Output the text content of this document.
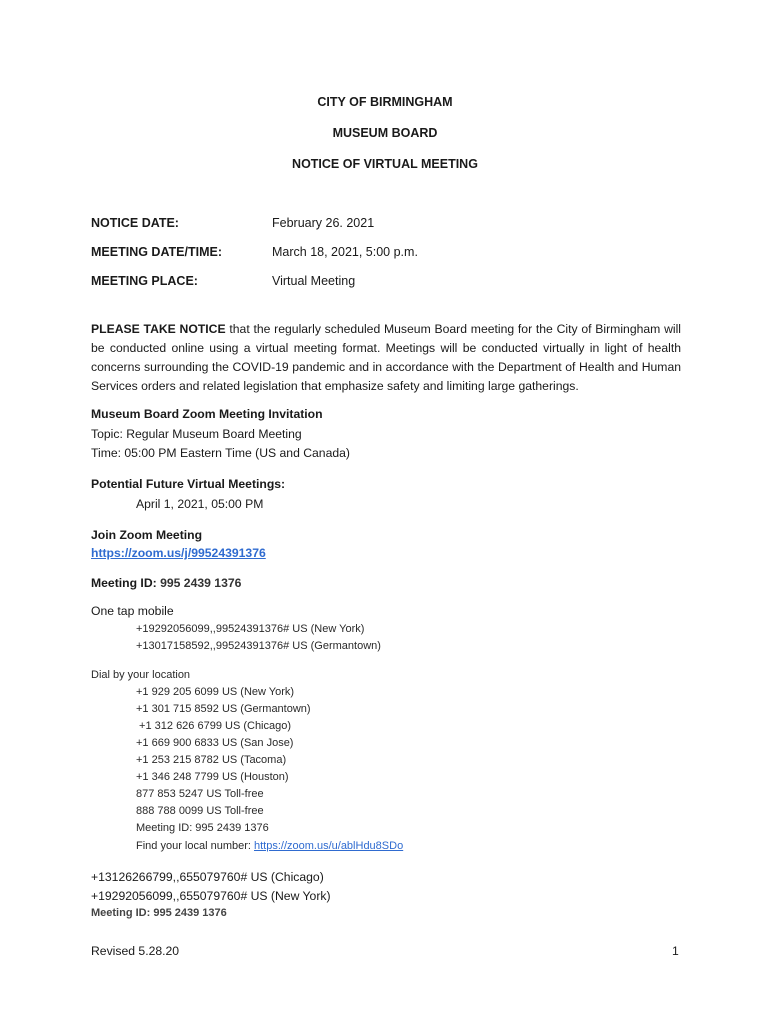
CITY OF BIRMINGHAM
MUSEUM BOARD
NOTICE OF VIRTUAL MEETING
NOTICE DATE:	February 26. 2021
MEETING DATE/TIME:	March 18, 2021, 5:00 p.m.
MEETING PLACE:	Virtual Meeting
PLEASE TAKE NOTICE that the regularly scheduled Museum Board meeting for the City of Birmingham will be conducted online using a virtual meeting format. Meetings will be conducted virtually in light of health concerns surrounding the COVID-19 pandemic and in accordance with the Department of Health and Human Services orders and related legislation that emphasize safety and limiting large gatherings.
Museum Board Zoom Meeting Invitation
Topic: Regular Museum Board Meeting
Time: 05:00 PM Eastern Time (US and Canada)
Potential Future Virtual Meetings:
April 1, 2021, 05:00 PM
Join Zoom Meeting
https://zoom.us/j/99524391376
Meeting ID: 995 2439 1376
One tap mobile
+19292056099,,99524391376# US (New York)
+13017158592,,99524391376# US (Germantown)
Dial by your location
+1 929 205 6099 US (New York)
+1 301 715 8592 US (Germantown)
+1 312 626 6799 US (Chicago)
+1 669 900 6833 US (San Jose)
+1 253 215 8782 US (Tacoma)
+1 346 248 7799 US (Houston)
877 853 5247 US Toll-free
888 788 0099 US Toll-free
Meeting ID: 995 2439 1376
Find your local number: https://zoom.us/u/ablHdu8SDo
+13126266799,,655079760# US (Chicago)
+19292056099,,655079760# US (New York)
Meeting ID: 995 2439 1376
Revised 5.28.20	1
